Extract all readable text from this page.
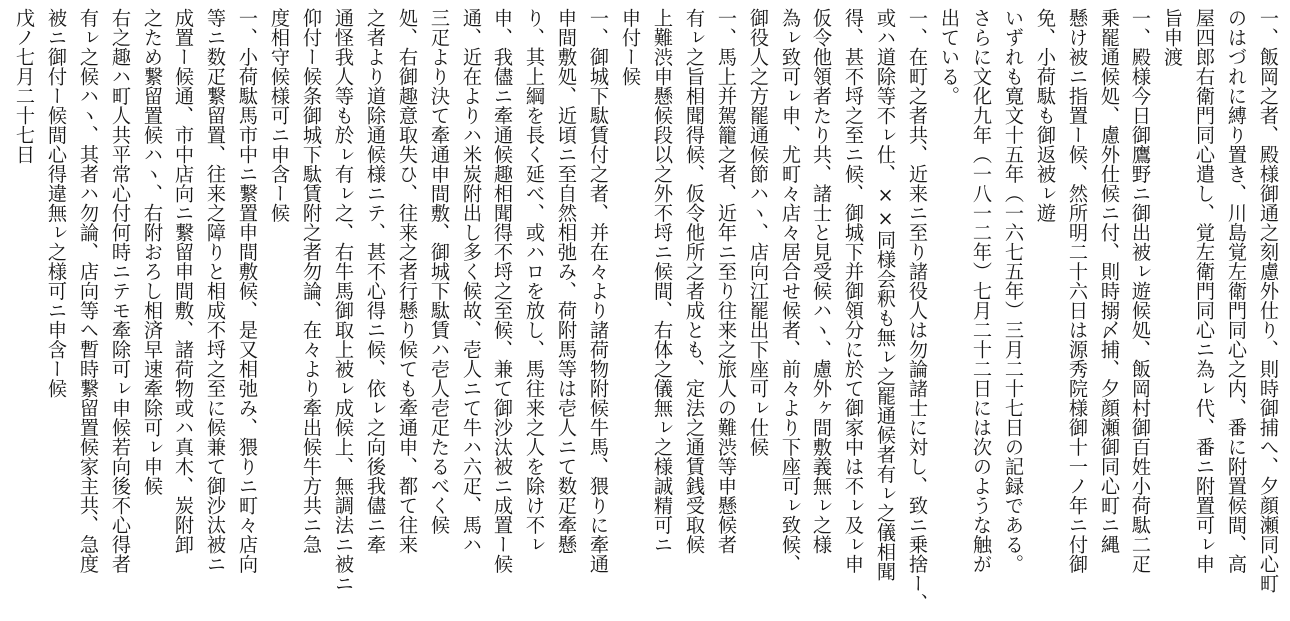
一、飯岡之者、殿様御通之刻慮外仕り、則時御捕へ、夕顔瀬同心町
のはづれに縛り置き、川島覚左衛門同心之内、番に附置候間、高
屋四郎右衛門同心遣し、覚左衛門同心ニ為ㇾ代、番ニ附置可ㇾ申
旨申渡
一、殿様今日御鷹野ニ御出被ㇾ遊候処、飯岡村御百姓小荷駄二疋
乗罷通候処、慮外仕候ニ付、則時搦〆捕、夕顔瀬御同心町ニ縄
懸け被ニ指置ー候、然所明二十六日は源秀院様御十一ノ年ニ付御
免、小荷駄も御返被ㇾ遊
いずれも寛文十五年（一六七五年）三月二十七日の記録である。
さらに文化九年（一八一二年）七月二十二日には次のような触が
出ている。
一、在町之者共、近来ニ至り諸役人は勿論諸士に対し、致ニ乗捨ー、
或ハ道除等不ㇾ仕、××同様会釈も無ㇾ之罷通候者有ㇾ之儀相聞
得、甚不埒之至ニ候、御城下并御領分に於て御家中は不ㇾ及ㇾ申
仮令他領者たり共、諸士と見受候ハヽ、慮外ヶ間敷義無ㇾ之様
為ㇾ致可ㇾ申、尤町々店々居合せ候者、前々より下座可ㇾ致候、
御役人之方罷通候節ハヽ、店向江罷出下座可ㇾ仕候
一、馬上并駕籠之者、近年ニ至り往来之旅人の難渋等申懸候者
有ㇾ之旨相聞得候、仮令他所之者成とも、定法之通賃銭受取候
上難渋申懸候段以之外不埒ニ候間、右体之儀無ㇾ之様誠精可ニ
申付ー候
一、御城下駄賃付之者、并在々より諸荷物附候牛馬、猥りに牽通
申間敷処、近頃ニ至自然相弛み、荷附馬等は壱人ニて数疋牽懸
り、其上綱を長く延べ、或ハロを放し、馬往来之人を除け不ㇾ
申、我儘ニ牽通候趣相聞得不埒之至候、兼て御沙汰被ニ成置ー候
通、近在よりハ米炭附出し多く候故、壱人ニて牛ハ六疋、馬ハ
三疋より決て牽通申間敷、御城下駄賃ハ壱人壱疋たるべく候
処、右御趣意取失ひ、往来之者行懸り候ても牽通申、都て往来
之者より道除通候様ニテ、甚不心得ニ候、依ㇾ之向後我儘ニ牽
通怪我人等も於ㇾ有ㇾ之、右牛馬御取上被ㇾ成候上、無調法ニ被ニ
仰付ー候条御城下駄賃附之者勿論、在々より牽出候牛方共ニ急
度相守候様可ニ申含ー候
一、小荷駄馬市中ニ繋置申間敷候、是又相弛み、猥りニ町々店向
等ニ数疋繋留置、往来之障りと相成不埒之至に候兼て御沙汰被ニ
成置ー候通、市中店向ニ繋留申間敷、諸荷物或ハ真木、炭附卸
之ため繋留置候ハヽ、右附おろし相済早速牽除可ㇾ申候
右之趣ハ町人共平常心付何時ニテモ牽除可ㇾ申候若向後不心得者
有ㇾ之候ハヽ、其者ハ勿論、店向等ヘ暫時繋留置候家主共、急度
被ニ御付ー候間心得違無ㇾ之様可ニ申含ー候
戊ノ七月二十七日
